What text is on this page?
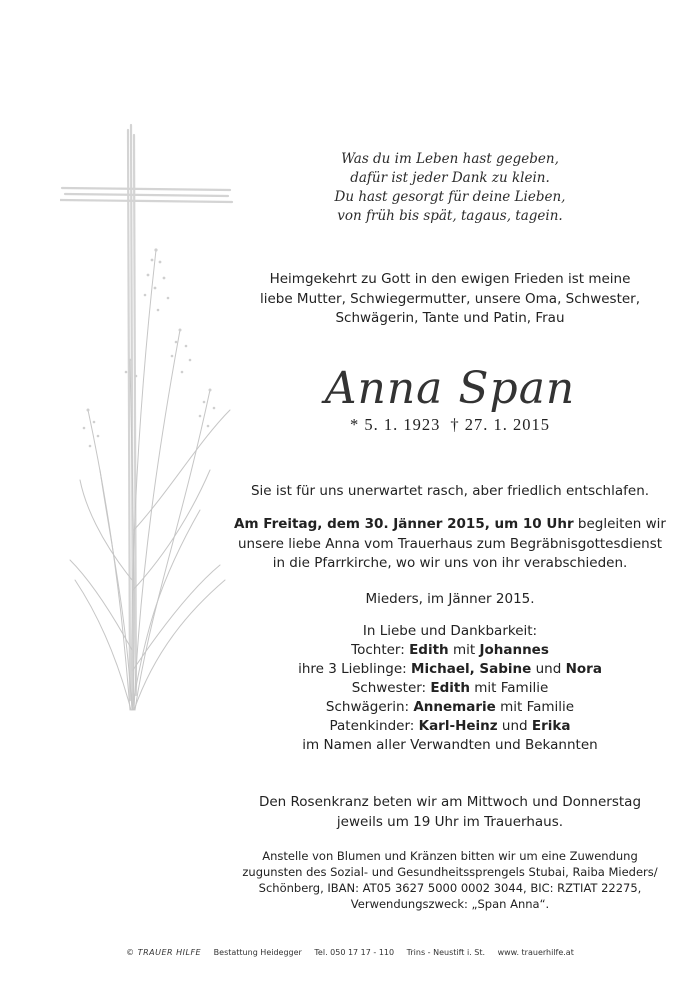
Was du im Leben hast gegeben,
dafür ist jeder Dank zu klein.
Du hast gesorgt für deine Lieben,
von früh bis spät, tagaus, tagein.
Heimgekehrt zu Gott in den ewigen Frieden ist meine
liebe Mutter, Schwiegermutter, unsere Oma, Schwester,
Schwägerin, Tante und Patin, Frau
Anna Span
* 5. 1. 1923 † 27. 1. 2015
Sie ist für uns unerwartet rasch, aber friedlich entschlafen.
Am Freitag, dem 30. Jänner 2015, um 10 Uhr begleiten wir
unsere liebe Anna vom Trauerhaus zum Begräbnisgottesdienst
in die Pfarrkirche, wo wir uns von ihr verabschieden.
Mieders, im Jänner 2015.
In Liebe und Dankbarkeit:
Tochter: Edith mit Johannes
ihre 3 Lieblinge: Michael, Sabine und Nora
Schwester: Edith mit Familie
Schwägerin: Annemarie mit Familie
Patenkinder: Karl-Heinz und Erika
im Namen aller Verwandten und Bekannten
Den Rosenkranz beten wir am Mittwoch und Donnerstag
jeweils um 19 Uhr im Trauerhaus.
Anstelle von Blumen und Kränzen bitten wir um eine Zuwendung
zugunsten des Sozial- und Gesundheitssprengels Stubai, Raiba Mieders/
Schönberg, IBAN: AT05 3627 5000 0002 3044, BIC: RZTIAT 22275,
Verwendungszweck: „Span Anna“.
© TRAUER HILFE Bestattung Heidegger Tel. 050 17 17 - 110 Trins - Neustift i. St. www. trauerhilfe.at
